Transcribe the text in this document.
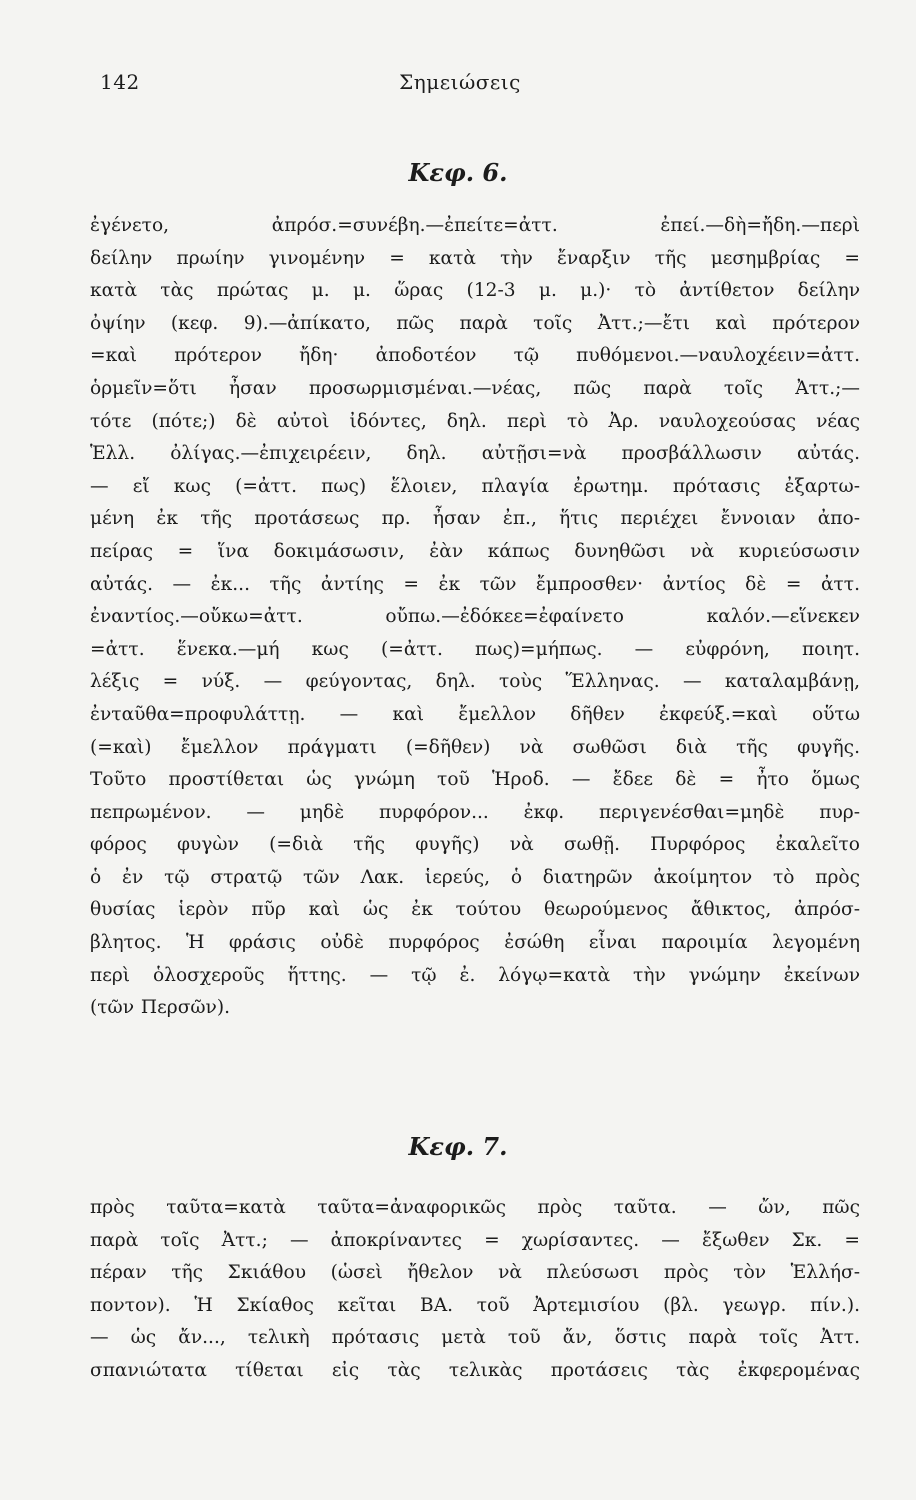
142	Σημειώσεις
Κεφ. 6.
ἐγένετο, ἀπρόσ.=συνέβη.—ἐπείτε=ἀττ. ἐπεί.—δὴ=ἤδη.—περὶ
δείλην πρωίην γινομένην = κατὰ τὴν ἔναρξιν τῆς μεσημβρίας =
κατὰ τὰς πρώτας μ. μ. ὥρας (12-3 μ. μ.)· τὸ ἀντίθετον δείλην
ὀψίην (κεφ. 9).—ἀπίκατο, πῶς παρὰ τοῖς Ἀττ.;—ἔτι καὶ πρότερον
=καὶ πρότερον ἤδη· ἀποδοτέον τῷ πυθόμενοι.—ναυλοχέειν=ἀττ.
ὁρμεῖν=ὅτι ἦσαν προσωρμισμέναι.—νέας, πῶς παρὰ τοῖς Ἀττ.;—
τότε (πότε;) δὲ αὐτοὶ ἰδόντες, δηλ. περὶ τὸ Ἀρ. ναυλοχεούσας νέας
Ἑλλ. ὀλίγας.—ἐπιχειρέειν, δηλ. αὐτῇσι=νὰ προσβάλλωσιν αὐτάς.
— εἴ κως (=ἀττ. πως) ἕλοιεν, πλαγία ἐρωτημ. πρότασις ἐξαρτω-
μένη ἐκ τῆς προτάσεως πρ. ἦσαν ἐπ., ἥτις περιέχει ἔννοιαν ἀπο-
πείρας = ἵνα δοκιμάσωσιν, ἐὰν κάπως δυνηθῶσι νὰ κυριεύσωσιν
αὐτάς. — ἐκ... τῆς ἀντίης = ἐκ τῶν ἔμπροσθεν· ἀντίος δὲ = ἀττ.
ἐναντίος.—οὔκω=ἀττ. οὔπω.—ἐδόκεε=ἐφαίνετο καλόν.—εἵνεκεν
=ἀττ. ἕνεκα.—μή κως (=ἀττ. πως)=μήπως. — εὐφρόνη, ποιητ.
λέξις = νύξ. — φεύγοντας, δηλ. τοὺς Ἕλληνας. — καταλαμβάνῃ,
ἐνταῦθα=προφυλάττῃ. — καὶ ἔμελλον δῆθεν ἐκφεύξ.=καὶ οὕτω
(=καὶ) ἔμελλον πράγματι (=δῆθεν) νὰ σωθῶσι διὰ τῆς φυγῆς.
Τοῦτο προστίθεται ὡς γνώμη τοῦ Ἡροδ. — ἔδεε δὲ = ἦτο ὅμως
πεπρωμένον. — μηδὲ πυρφόρον... ἐκφ. περιγενέσθαι=μηδὲ πυρ-
φόρος φυγὼν (=διὰ τῆς φυγῆς) νὰ σωθῇ. Πυρφόρος ἐκαλεῖτο
ὁ ἐν τῷ στρατῷ τῶν Λακ. ἱερεύς, ὁ διατηρῶν ἀκοίμητον τὸ πρὸς
θυσίας ἱερὸν πῦρ καὶ ὡς ἐκ τούτου θεωρούμενος ἄθικτος, ἀπρόσ-
βλητος. Ἡ φράσις οὐδὲ πυρφόρος ἐσώθη εἶναι παροιμία λεγομένη
περὶ ὁλοσχεροῦς ἥττης. — τῷ ἐ. λόγῳ=κατὰ τὴν γνώμην ἐκείνων
(τῶν Περσῶν).
Κεφ. 7.
πρὸς ταῦτα=κατὰ ταῦτα=ἀναφορικῶς πρὸς ταῦτα. — ὤν, πῶς
παρὰ τοῖς Ἀττ.; — ἀποκρίναντες = χωρίσαντες. — ἔξωθεν Σκ. =
πέραν τῆς Σκιάθου (ὡσεὶ ἤθελον νὰ πλεύσωσι πρὸς τὸν Ἑλλήσ-
ποντον). Ἡ Σκίαθος κεῖται ΒΑ. τοῦ Ἀρτεμισίου (βλ. γεωγρ. πίν.).
— ὡς ἄν..., τελικὴ πρότασις μετὰ τοῦ ἄν, ὅστις παρὰ τοῖς Ἀττ.
σπανιώτατα τίθεται εἰς τὰς τελικὰς προτάσεις τὰς ἐκφερομένας
